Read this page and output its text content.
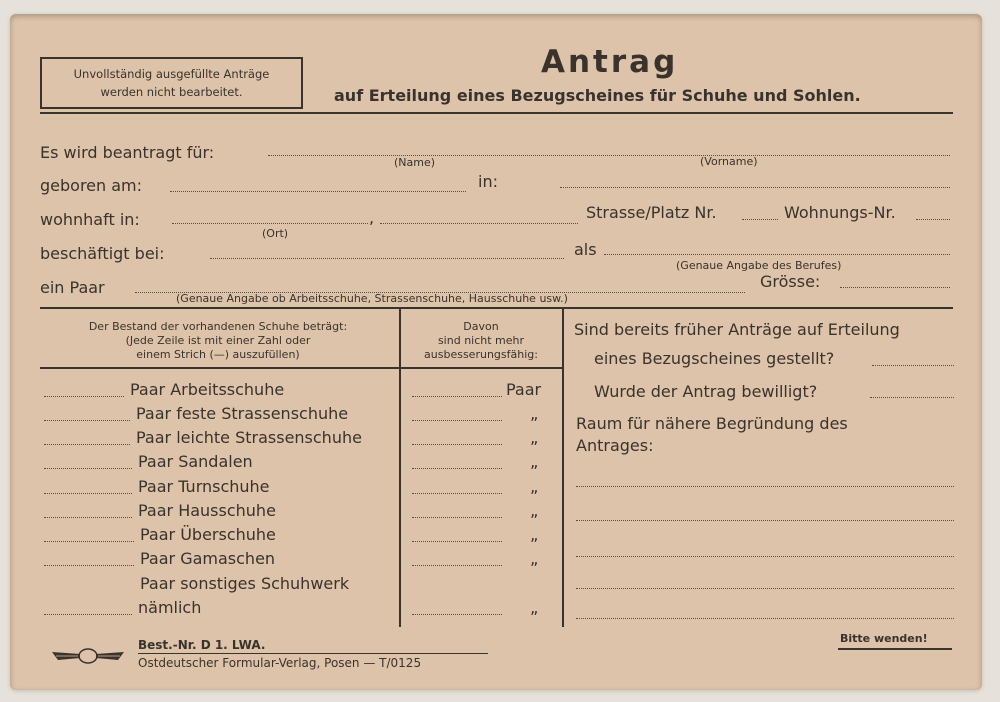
Unvollständig ausgefüllte Anträge
werden nicht bearbeitet.
Antrag
auf Erteilung eines Bezugscheines für Schuhe und Sohlen.
Es wird beantragt für:
(Name)	(Vorname)
geboren am:	in:
wohnhaft in:	,
(Ort)
Strasse/Platz Nr.	Wohnungs-Nr.
beschäftigt bei:	als
(Genaue Angabe des Berufes)
ein Paar	Grösse:
(Genaue Angabe ob Arbeitsschuhe, Strassenschuhe, Hausschuhe usw.)
Der Bestand der vorhandenen Schuhe beträgt:
(Jede Zeile ist mit einer Zahl oder
einem Strich (—) auszufüllen)
Davon
sind nicht mehr
ausbesserungsfähig:
Paar Arbeitsschuhe	Paar
Paar feste Strassenschuhe	„
Paar leichte Strassenschuhe	„
Paar Sandalen	„
Paar Turnschuhe	„
Paar Hausschuhe	„
Paar Überschuhe	„
Paar Gamaschen	„
Paar sonstiges Schuhwerk
nämlich	„
Sind bereits früher Anträge auf Erteilung
eines Bezugscheines gestellt?
Wurde der Antrag bewilligt?
Raum für nähere Begründung des
Antrages:
Best.-Nr. D 1. LWA.
Ostdeutscher Formular-Verlag, Posen — T/0125
Bitte wenden!
